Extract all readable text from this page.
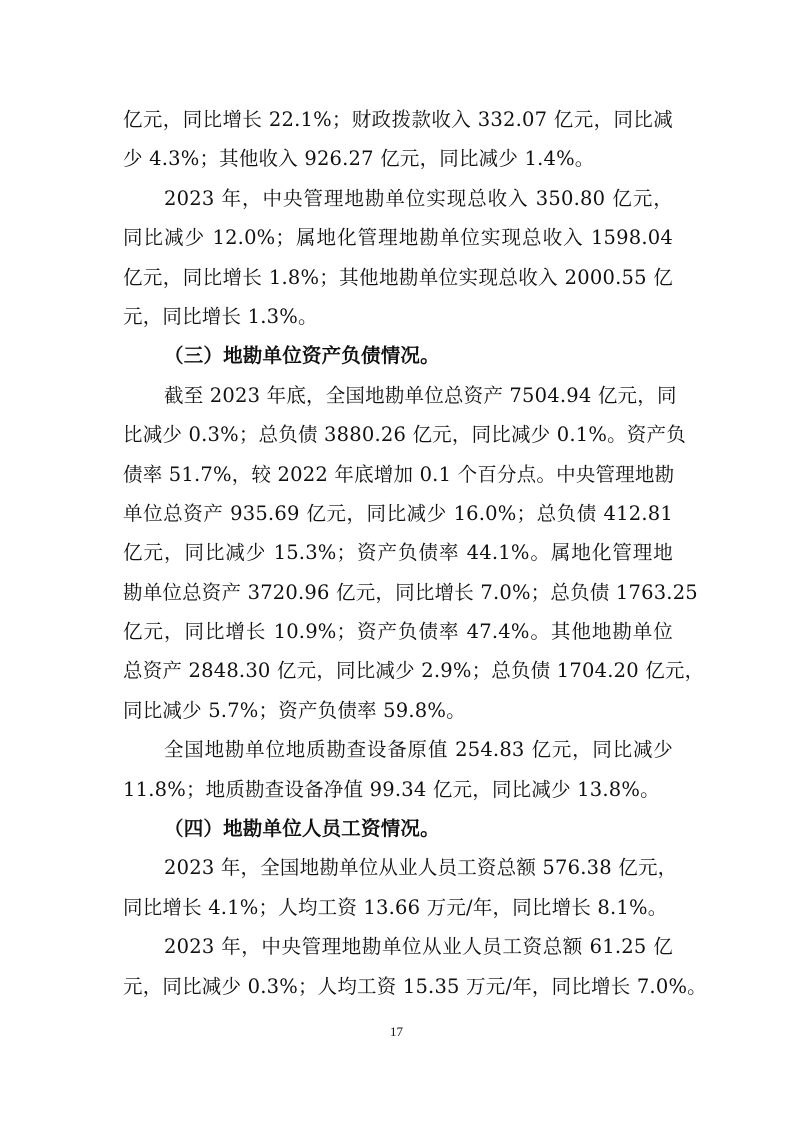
亿元，同比增长 22.1%；财政拨款收入 332.07 亿元，同比减
少 4.3%；其他收入 926.27 亿元，同比减少 1.4%。
2023 年，中央管理地勘单位实现总收入 350.80 亿元，
同比减少 12.0%；属地化管理地勘单位实现总收入 1598.04
亿元，同比增长 1.8%；其他地勘单位实现总收入 2000.55 亿
元，同比增长 1.3%。
（三）地勘单位资产负债情况。
截至 2023 年底，全国地勘单位总资产 7504.94 亿元，同
比减少 0.3%；总负债 3880.26 亿元，同比减少 0.1%。资产负
债率 51.7%，较 2022 年底增加 0.1 个百分点。中央管理地勘
单位总资产 935.69 亿元，同比减少 16.0%；总负债 412.81
亿元，同比减少 15.3%；资产负债率 44.1%。属地化管理地
勘单位总资产 3720.96 亿元，同比增长 7.0%；总负债 1763.25
亿元，同比增长 10.9%；资产负债率 47.4%。其他地勘单位
总资产 2848.30 亿元，同比减少 2.9%；总负债 1704.20 亿元，
同比减少 5.7%；资产负债率 59.8%。
全国地勘单位地质勘查设备原值 254.83 亿元，同比减少
11.8%；地质勘查设备净值 99.34 亿元，同比减少 13.8%。
（四）地勘单位人员工资情况。
2023 年，全国地勘单位从业人员工资总额 576.38 亿元，
同比增长 4.1%；人均工资 13.66 万元/年，同比增长 8.1%。
2023 年，中央管理地勘单位从业人员工资总额 61.25 亿
元，同比减少 0.3%；人均工资 15.35 万元/年，同比增长 7.0%。
17
